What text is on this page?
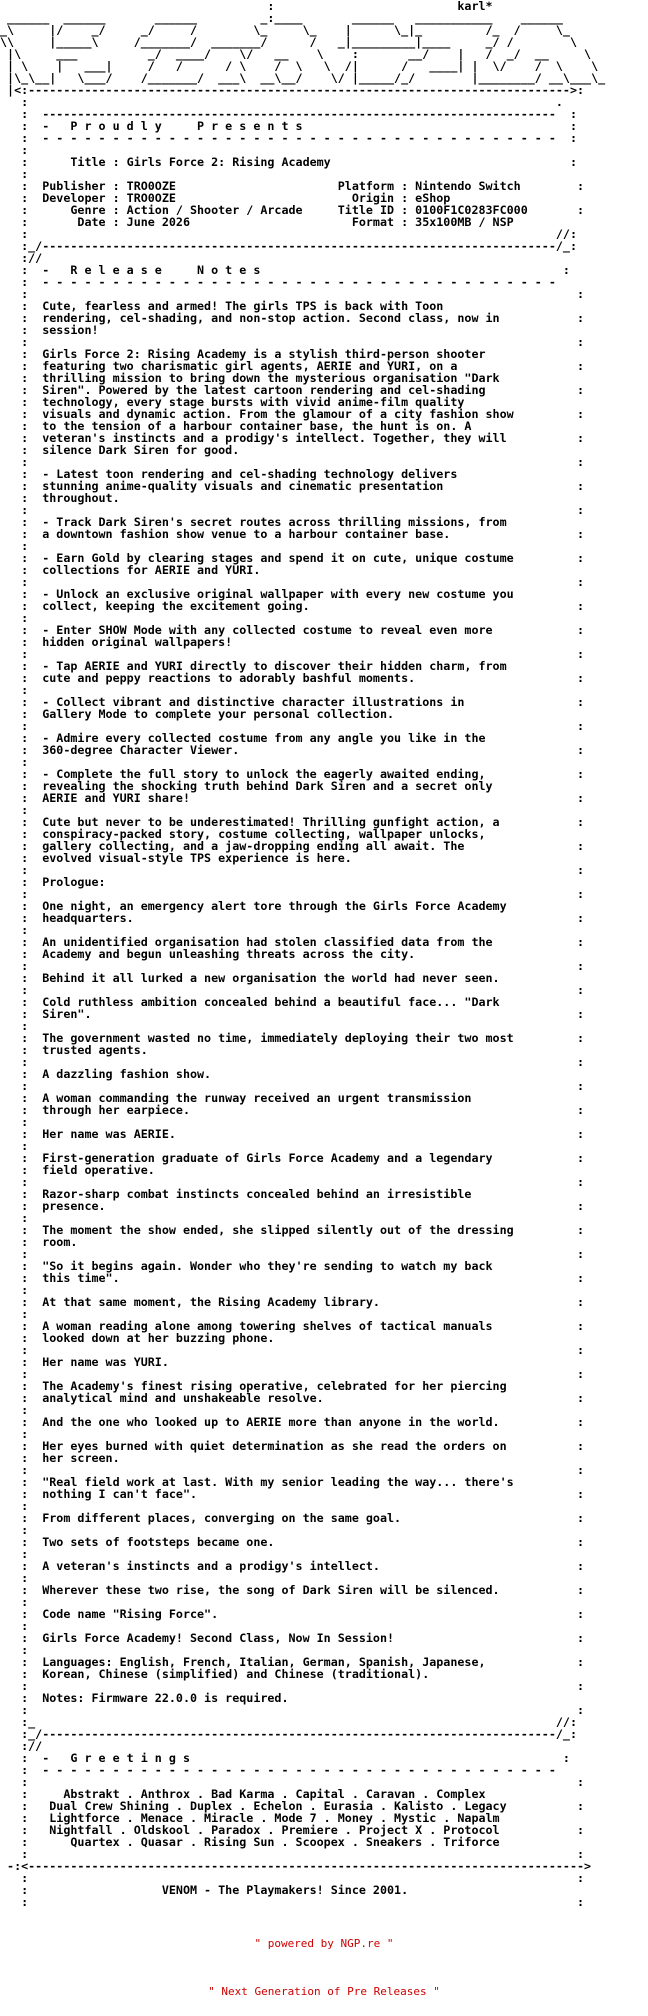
:                          karl*
______  ______       ______         _:____       ______   ___________    ______
_\     |/    _/     _/     /        \_     \_    |      \_|_         /_  /     \_
\\     |_____\     /_______/  _______/      /   _|_________|____     _/ /        \
|\     ___          _/  ____/    \/   __    \    :       __/    |   /  _/  __     \
| \    |   ___|     /   /      / \    /  \   \  /|      /   ____| |  \/    /  \    \
|\_\__|   \___/    /_______/  ___\  __\__/    \/ |_____/_/        |________/ __\___\_
|<:----------------------------------------------------------------------------->:
:                                                                           .
:  -------------------------------------------------------------------------  :
:  -   P r o u d l y     P r e s e n t s                                      :
:  - - - - - - - - - - - - - - - - - - - - - - - - - - - - - - - - - - - - -  :
:
:      Title : Girls Force 2: Rising Academy                                  :
:
:  Publisher : TRO0OZE                       Platform : Nintendo Switch        :
:  Developer : TRO0OZE                         Origin : eShop
:      Genre : Action / Shooter / Arcade     Title ID : 0100F1C0283FC000       :
:       Date : June 2026                       Format : 35x100MB / NSP
:                                                                           //:
:_/-------------------------------------------------------------------------/_:
://
:  -   R e l e a s e     N o t e s                                           :
:  - - - - - - - - - - - - - - - - - - - - - - - - - - - - - - - - - - - - -
:                                                                              :
:  Cute, fearless and armed! The girls TPS is back with Toon
:  rendering, cel-shading, and non-stop action. Second class, now in           :
:  session!
:                                                                              :
:  Girls Force 2: Rising Academy is a stylish third-person shooter
:  featuring two charismatic girl agents, AERIE and YURI, on a                 :
:  thrilling mission to bring down the mysterious organisation "Dark
:  Siren". Powered by the latest cartoon rendering and cel-shading             :
:  technology, every stage bursts with vivid anime-film quality
:  visuals and dynamic action. From the glamour of a city fashion show         :
:  to the tension of a harbour container base, the hunt is on. A
:  veteran's instincts and a prodigy's intellect. Together, they will          :
:  silence Dark Siren for good.
:                                                                              :
:  - Latest toon rendering and cel-shading technology delivers
:  stunning anime-quality visuals and cinematic presentation                   :
:  throughout.
:                                                                              :
:  - Track Dark Siren's secret routes across thrilling missions, from
:  a downtown fashion show venue to a harbour container base.                  :
:
:  - Earn Gold by clearing stages and spend it on cute, unique costume         :
:  collections for AERIE and YURI.
:                                                                              :
:  - Unlock an exclusive original wallpaper with every new costume you
:  collect, keeping the excitement going.                                      :
:
:  - Enter SHOW Mode with any collected costume to reveal even more            :
:  hidden original wallpapers!
:                                                                              :
:  - Tap AERIE and YURI directly to discover their hidden charm, from
:  cute and peppy reactions to adorably bashful moments.                       :
:
:  - Collect vibrant and distinctive character illustrations in                :
:  Gallery Mode to complete your personal collection.
:                                                                              :
:  - Admire every collected costume from any angle you like in the
:  360-degree Character Viewer.                                                :
:
:  - Complete the full story to unlock the eagerly awaited ending,             :
:  revealing the shocking truth behind Dark Siren and a secret only
:  AERIE and YURI share!                                                       :
:
:  Cute but never to be underestimated! Thrilling gunfight action, a           :
:  conspiracy-packed story, costume collecting, wallpaper unlocks,
:  gallery collecting, and a jaw-dropping ending all await. The                :
:  evolved visual-style TPS experience is here.
:                                                                              :
:  Prologue:
:                                                                              :
:  One night, an emergency alert tore through the Girls Force Academy
:  headquarters.                                                               :
:
:  An unidentified organisation had stolen classified data from the            :
:  Academy and begun unleashing threats across the city.
:                                                                              :
:  Behind it all lurked a new organisation the world had never seen.
:                                                                              :
:  Cold ruthless ambition concealed behind a beautiful face... "Dark
:  Siren".                                                                     :
:
:  The government wasted no time, immediately deploying their two most         :
:  trusted agents.
:                                                                              :
:  A dazzling fashion show.
:                                                                              :
:  A woman commanding the runway received an urgent transmission
:  through her earpiece.                                                       :
:
:  Her name was AERIE.                                                         :
:
:  First-generation graduate of Girls Force Academy and a legendary            :
:  field operative.
:                                                                              :
:  Razor-sharp combat instincts concealed behind an irresistible
:  presence.                                                                   :
:
:  The moment the show ended, she slipped silently out of the dressing         :
:  room.
:                                                                              :
:  "So it begins again. Wonder who they're sending to watch my back
:  this time".                                                                 :
:
:  At that same moment, the Rising Academy library.                            :
:
:  A woman reading alone among towering shelves of tactical manuals            :
:  looked down at her buzzing phone.
:                                                                              :
:  Her name was YURI.
:                                                                              :
:  The Academy's finest rising operative, celebrated for her piercing
:  analytical mind and unshakeable resolve.                                    :
:
:  And the one who looked up to AERIE more than anyone in the world.           :
:
:  Her eyes burned with quiet determination as she read the orders on          :
:  her screen.
:                                                                              :
:  "Real field work at last. With my senior leading the way... there's
:  nothing I can't face".                                                      :
:
:  From different places, converging on the same goal.                         :
:
:  Two sets of footsteps became one.                                           :
:
:  A veteran's instincts and a prodigy's intellect.                            :
:
:  Wherever these two rise, the song of Dark Siren will be silenced.           :
:
:  Code name "Rising Force".                                                   :
:
:  Girls Force Academy! Second Class, Now In Session!                          :
:
:  Languages: English, French, Italian, German, Spanish, Japanese,             :
:  Korean, Chinese (simplified) and Chinese (traditional).
:                                                                              :
:  Notes: Firmware 22.0.0 is required.
:                                                                              :
:_                                                                          //:
:_/-------------------------------------------------------------------------/_:
://
:  -   G r e e t i n g s                                                     :
:  - - - - - - - - - - - - - - - - - - - - - - - - - - - - - - - - - - - - -
:                                                                              :
:     Abstrakt . Anthrox . Bad Karma . Capital . Caravan . Complex
:   Dual Crew Shining . Duplex . Echelon . Eurasia . Kalisto . Legacy          :
:   Lightforce . Menace . Miracle . Mode 7 . Money . Mystic . Napalm
:   Nightfall . Oldskool . Paradox . Premiere . Project X . Protocol           :
:      Quartex . Quasar . Rising Sun . Scoopex . Sneakers . Triforce
:                                                                              :
-:<------------------------------------------------------------------------------->
:                                                                              :
:                   VENOM - The Playmakers! Since 2001.
:                                                                              :

" powered by NGP.re "

" Next Generation of Pre Releases "
